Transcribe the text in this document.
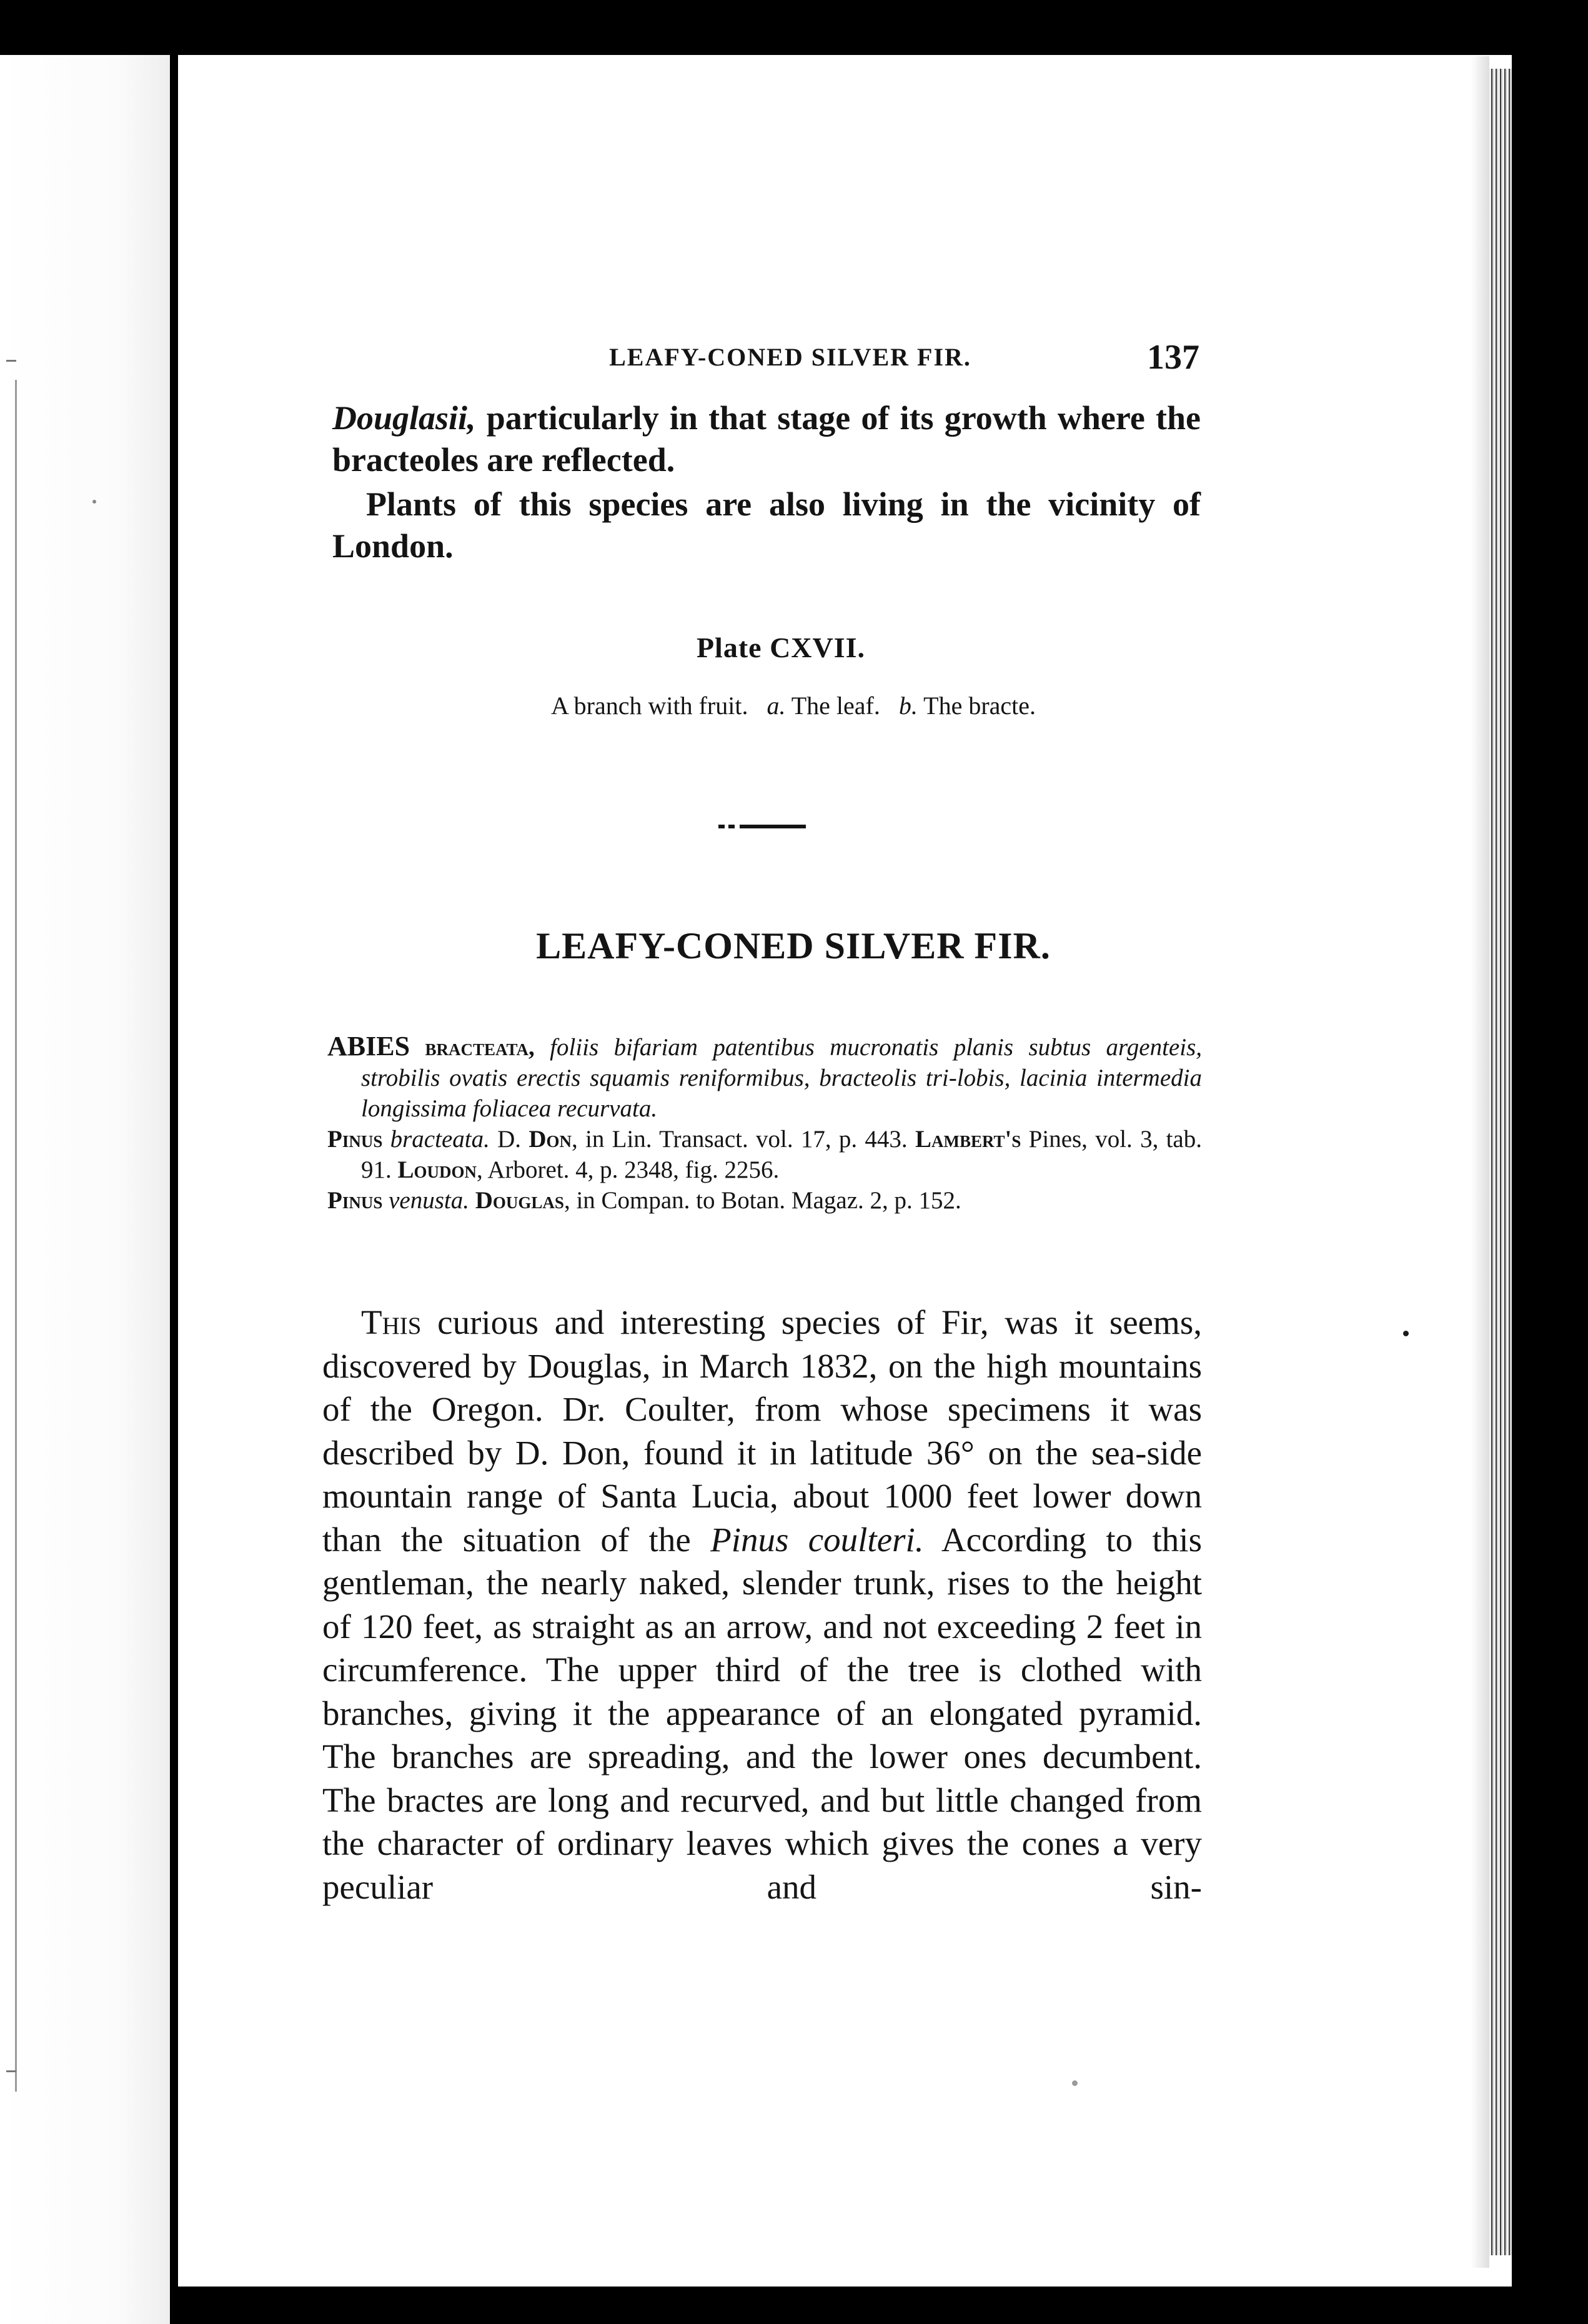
LEAFY-CONED SILVER FIR.	137

Douglasii, particularly in that stage of its growth where the bracteoles are reflected.

Plants of this species are also living in the vicinity of London.

Plate CXVII.
A branch with fruit. a. The leaf. b. The bracte.
LEAFY-CONED SILVER FIR.

ABIES bracteata, foliis bifariam patentibus mucronatis planis subtus argenteis, strobilis ovatis erectis squamis reniformibus, bracteolis tri-lobis, lacinia intermedia longissima foliacea recurvata.

Pinus bracteata. D. Don, in Lin. Transact. vol. 17, p. 443. Lambert's Pines, vol. 3, tab. 91. Loudon, Arboret. 4, p. 2348, fig. 2256.

Pinus venusta. Douglas, in Compan. to Botan. Magaz. 2, p. 152.

This curious and interesting species of Fir, was it seems, discovered by Douglas, in March 1832, on the high mountains of the Oregon. Dr. Coulter, from whose specimens it was described by D. Don, found it in latitude 36° on the sea-side mountain range of Santa Lucia, about 1000 feet lower down than the situation of the Pinus coulteri. According to this gentleman, the nearly naked, slender trunk, rises to the height of 120 feet, as straight as an arrow, and not exceeding 2 feet in circumference. The upper third of the tree is clothed with branches, giving it the appearance of an elongated pyramid. The branches are spreading, and the lower ones decumbent. The bractes are long and recurved, and but little changed from the character of ordinary leaves which gives the cones a very peculiar and sin-
